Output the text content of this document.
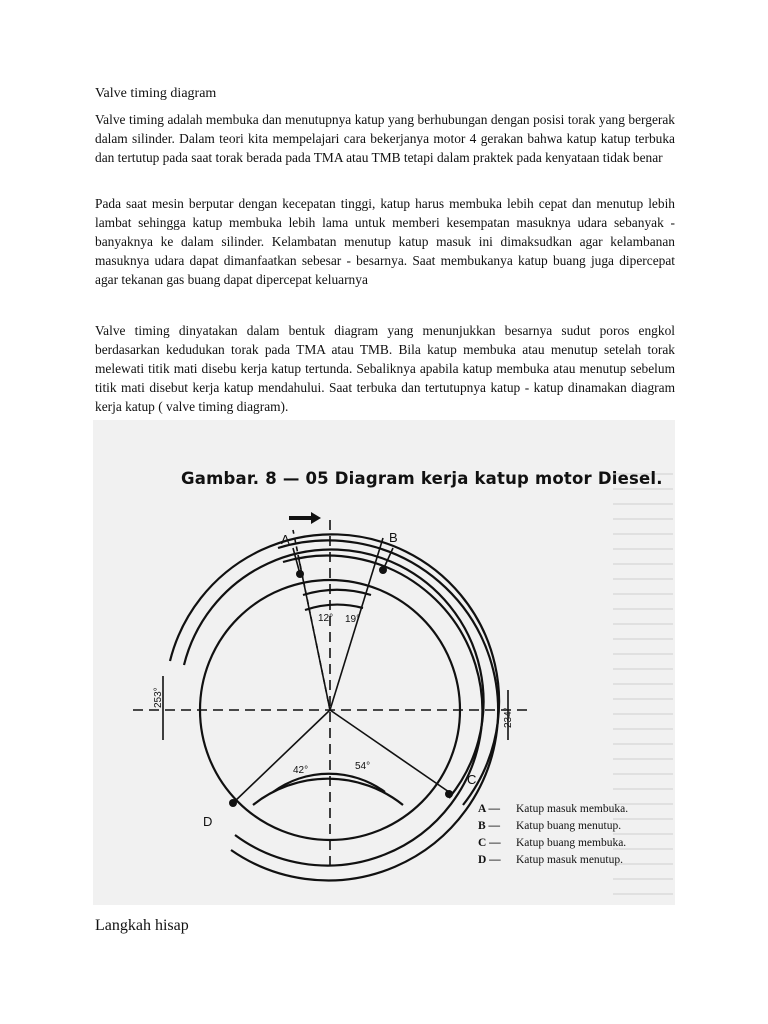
Valve timing diagram

Valve timing adalah membuka dan menutupnya katup yang berhubungan dengan posisi torak yang bergerak dalam silinder. Dalam teori kita mempelajari cara bekerjanya motor 4 gerakan bahwa katup katup terbuka dan tertutup pada saat torak berada pada TMA atau TMB tetapi dalam praktek pada kenyataan tidak benar

Pada saat mesin berputar dengan kecepatan tinggi, katup harus membuka lebih cepat dan menutup lebih lambat sehingga katup membuka lebih lama untuk memberi kesempatan masuknya udara sebanyak - banyaknya ke dalam silinder. Kelambatan menutup katup masuk ini dimaksudkan agar kelambanan masuknya udara dapat dimanfaatkan sebesar - besarnya. Saat membukanya katup buang juga dipercepat agar tekanan gas buang dapat dipercepat keluarnya

Valve timing dinyatakan dalam bentuk diagram yang menunjukkan besarnya sudut poros engkol berdasarkan kedudukan torak pada TMA atau TMB. Bila katup membuka atau menutup setelah torak melewati titik mati disebu kerja katup tertunda. Sebaliknya apabila katup membuka atau menutup sebelum titik mati disebut kerja katup mendahului. Saat terbuka dan tertutupnya katup - katup dinamakan diagram kerja katup ( valve timing diagram).

Gambar. 8 — 05 Diagram kerja katup motor Diesel.
A	B
C
D
12° 19°
42°	54°
253°
234°
A — Katup masuk membuka.
B — Katup buang menutup.
C — Katup buang membuka.
D — Katup masuk menutup.
Langkah hisap
